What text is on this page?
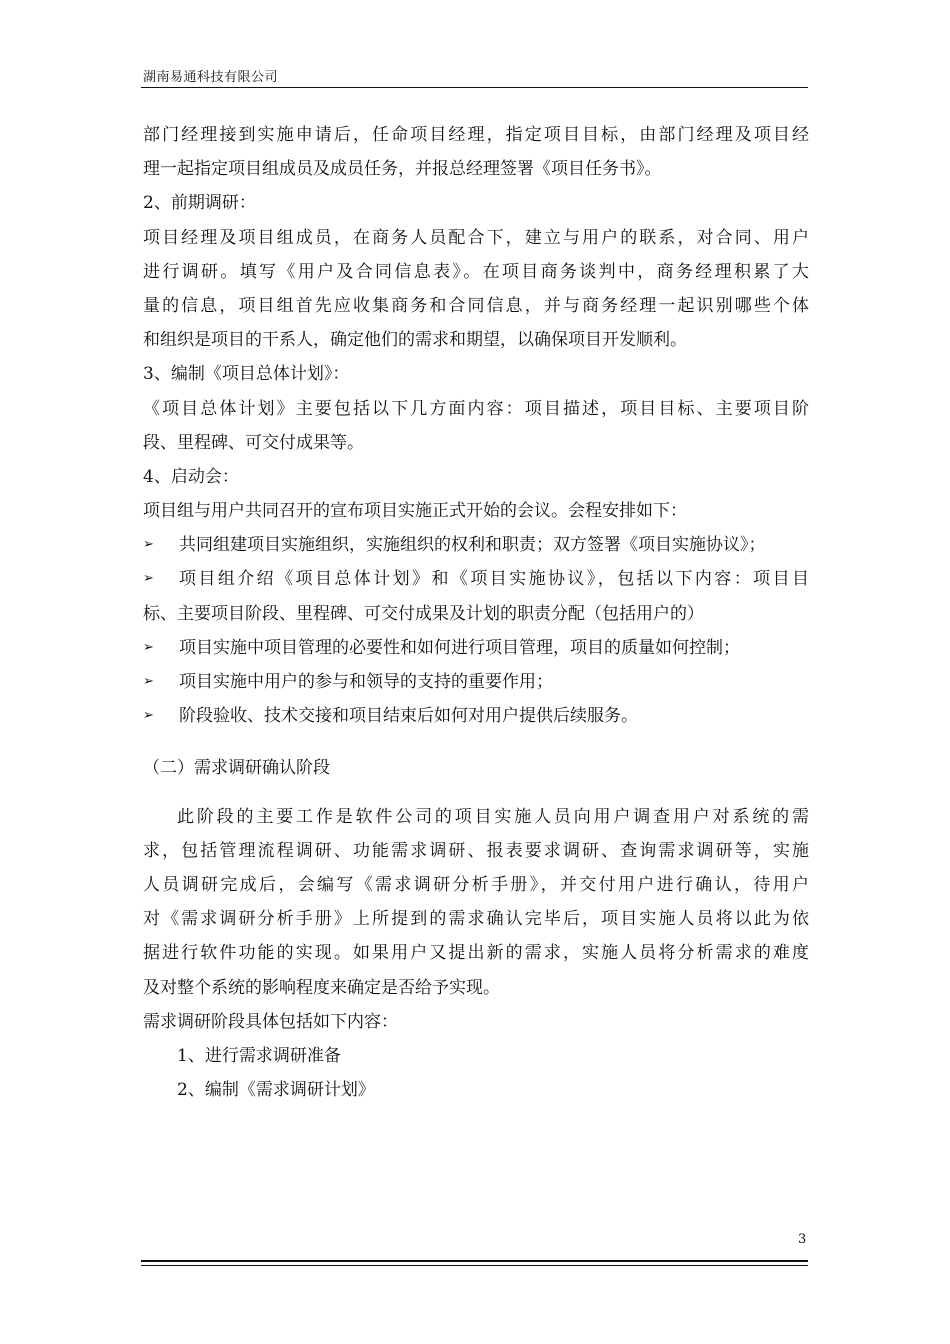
湖南易通科技有限公司
部门经理接到实施申请后，任命项目经理，指定项目目标，由部门经理及项目经
理一起指定项目组成员及成员任务，并报总经理签署《项目任务书》。
2、前期调研：
项目经理及项目组成员，在商务人员配合下，建立与用户的联系，对合同、用户
进行调研。填写《用户及合同信息表》。在项目商务谈判中，商务经理积累了大
量的信息，项目组首先应收集商务和合同信息，并与商务经理一起识别哪些个体
和组织是项目的干系人，确定他们的需求和期望，以确保项目开发顺利。
3、编制《项目总体计划》：
《项目总体计划》主要包括以下几方面内容：项目描述，项目目标、主要项目阶
段、里程碑、可交付成果等。
4、启动会：
项目组与用户共同召开的宣布项目实施正式开始的会议。会程安排如下：
➢	共同组建项目实施组织，实施组织的权利和职责；双方签署《项目实施协议》；
➢	项目组介绍《项目总体计划》和《项目实施协议》，包括以下内容：项目目
标、主要项目阶段、里程碑、可交付成果及计划的职责分配（包括用户的）
➢	项目实施中项目管理的必要性和如何进行项目管理，项目的质量如何控制；
➢	项目实施中用户的参与和领导的支持的重要作用；
➢	阶段验收、技术交接和项目结束后如何对用户提供后续服务。
（二）需求调研确认阶段
此阶段的主要工作是软件公司的项目实施人员向用户调查用户对系统的需
求，包括管理流程调研、功能需求调研、报表要求调研、查询需求调研等，实施
人员调研完成后，会编写《需求调研分析手册》，并交付用户进行确认，待用户
对《需求调研分析手册》上所提到的需求确认完毕后，项目实施人员将以此为依
据进行软件功能的实现。如果用户又提出新的需求，实施人员将分析需求的难度
及对整个系统的影响程度来确定是否给予实现。
需求调研阶段具体包括如下内容：
1、进行需求调研准备
2、编制《需求调研计划》
3
